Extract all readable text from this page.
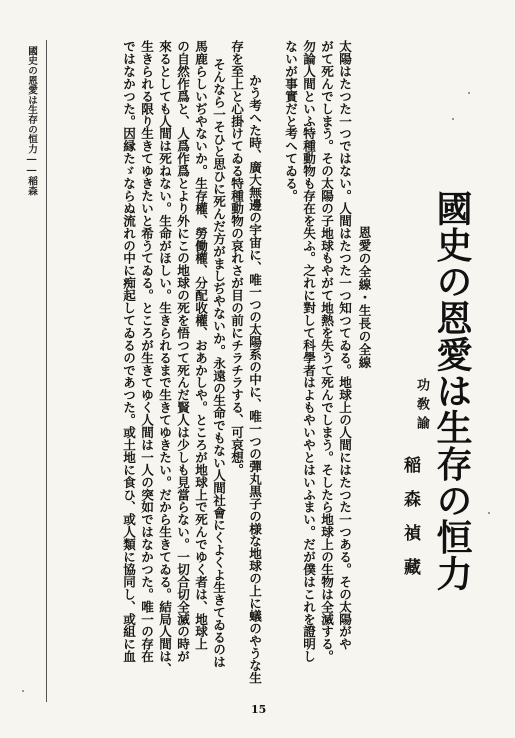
國史の恩愛は生存の恒力――稲森
國史の恩愛は生存の恒力
功敎諭
稲森禎藏
恩愛の全線・生長の全線
太陽はたつた一つではない。人間はたつた一つ知つてゐる。地球上の人間にはたつた一つある。その太陽がや
がて死んでしまう。その太陽の子地球もやがて地熱を失うて死んでしまう。そしたら地球上の生物は全滅する。
勿論人間といふ特種動物も存在を失ふ。之れに對して科學者はよもやいやとはいふまい。だが僕はこれを證明し
ないが事實だと考へてゐる。
かう考へた時、廣大無邊の宇宙に、唯一つの太陽系の中に、唯一つの彈丸黒子の様な地球の上に蟻のやうな生
存を至上と心掛けてゐる特種動物の哀れさが目の前にチラチラする、可哀想。
そんなら一そひと思ひに死んだ方がましぢやないか。永遠の生命でもない人間社會にくよくよ生きてゐるのは
馬鹿らしいぢやないか。生存權、勞働權、分配收權、おあかしや。ところが地球上で死んでゆく者は、地球上
の自然作爲と、人爲作爲とより外にこの地球の死を悟つて死んだ賢人は少しも見當らない。一切合切全滅の時が
來るとしても人間は死ねない。生命がほしい。生きられるまで生きてゆきたい。だから生きてゐる。結局人間は、
生きられる限り生きてゆきたいと希うてゐる。ところが生きてゆく人間は一人の突如ではなかつた。唯一の存在
ではなかつた。因縁たゞならぬ流れの中に痴起してゐるのであつた。或土地に食ひ、或人類に協同し、或組に血
15
